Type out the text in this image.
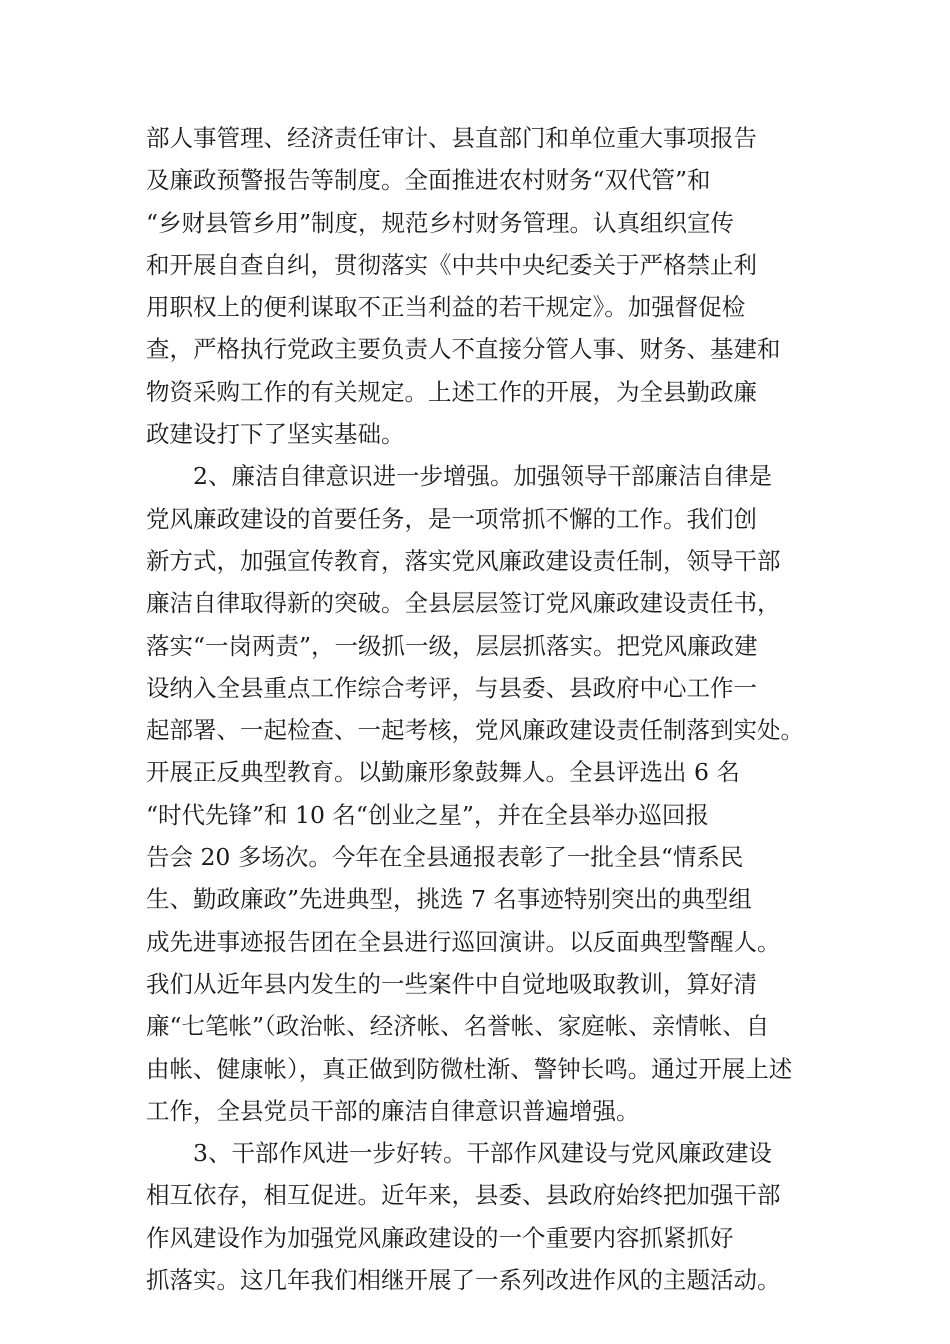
部人事管理、经济责任审计、县直部门和单位重大事项报告
及廉政预警报告等制度。全面推进农村财务“双代管”和
“乡财县管乡用”制度，规范乡村财务管理。认真组织宣传
和开展自查自纠，贯彻落实《中共中央纪委关于严格禁止利
用职权上的便利谋取不正当利益的若干规定》。加强督促检
查，严格执行党政主要负责人不直接分管人事、财务、基建和
物资采购工作的有关规定。上述工作的开展，为全县勤政廉
政建设打下了坚实基础。
2、廉洁自律意识进一步增强。加强领导干部廉洁自律是
党风廉政建设的首要任务，是一项常抓不懈的工作。我们创
新方式，加强宣传教育，落实党风廉政建设责任制，领导干部
廉洁自律取得新的突破。全县层层签订党风廉政建设责任书，
落实“一岗两责”，一级抓一级，层层抓落实。把党风廉政建
设纳入全县重点工作综合考评，与县委、县政府中心工作一
起部署、一起检查、一起考核，党风廉政建设责任制落到实处。
开展正反典型教育。以勤廉形象鼓舞人。全县评选出 6 名
“时代先锋”和 10 名“创业之星”，并在全县举办巡回报
告会 20 多场次。今年在全县通报表彰了一批全县“情系民
生、勤政廉政”先进典型，挑选 7 名事迹特别突出的典型组
成先进事迹报告团在全县进行巡回演讲。以反面典型警醒人。
我们从近年县内发生的一些案件中自觉地吸取教训，算好清
廉“七笔帐”（政治帐、经济帐、名誉帐、家庭帐、亲情帐、自
由帐、健康帐），真正做到防微杜渐、警钟长鸣。通过开展上述
工作，全县党员干部的廉洁自律意识普遍增强。
3、干部作风进一步好转。干部作风建设与党风廉政建设
相互依存，相互促进。近年来，县委、县政府始终把加强干部
作风建设作为加强党风廉政建设的一个重要内容抓紧抓好
抓落实。这几年我们相继开展了一系列改进作风的主题活动。
